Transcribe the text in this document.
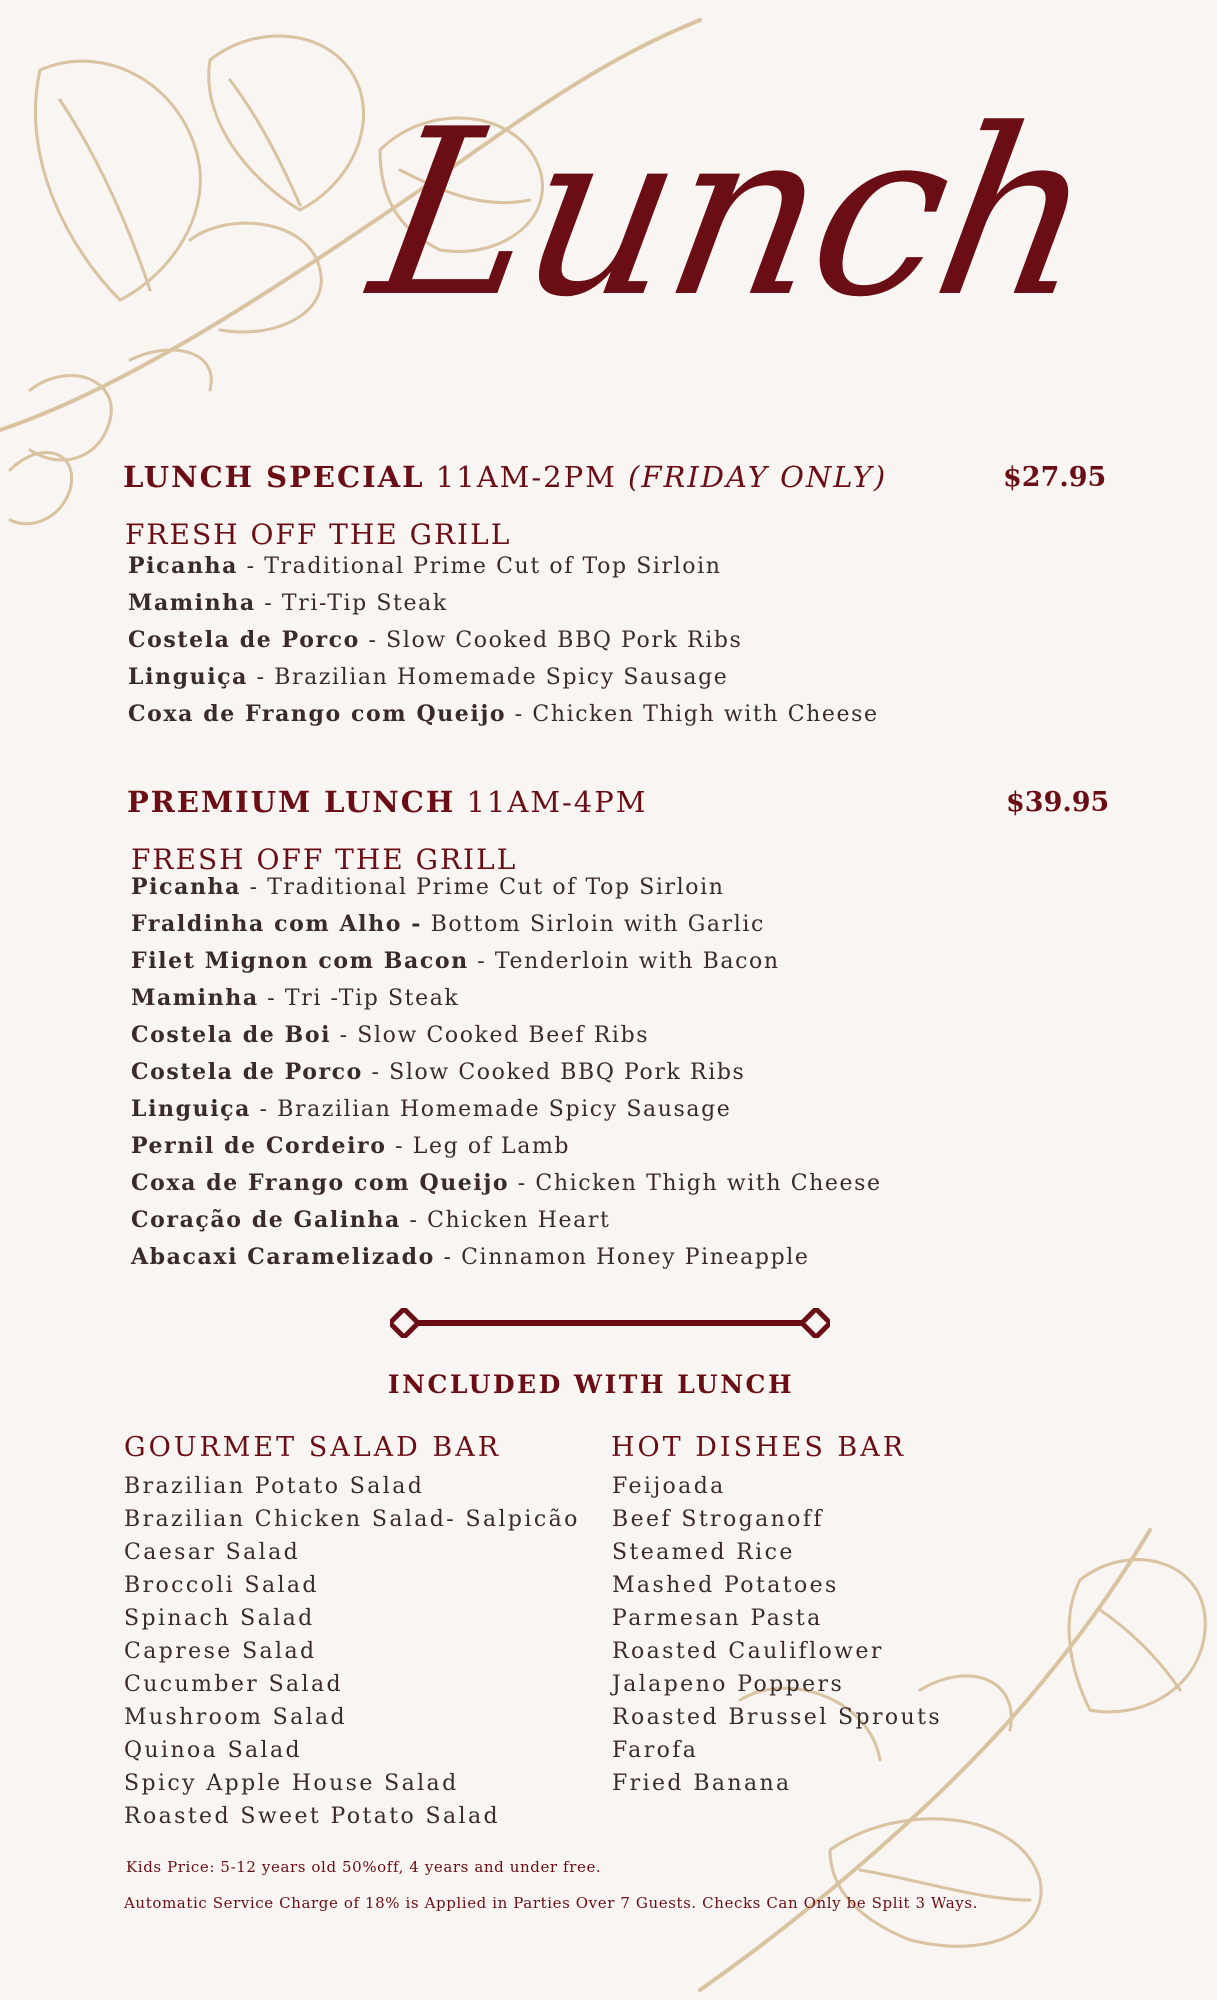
Lunch
LUNCH SPECIAL 11AM-2PM (FRIDAY ONLY)	$27.95
FRESH OFF THE GRILL
Picanha - Traditional Prime Cut of Top Sirloin
Maminha - Tri-Tip Steak
Costela de Porco - Slow Cooked BBQ Pork Ribs
Linguiça - Brazilian Homemade Spicy Sausage
Coxa de Frango com Queijo - Chicken Thigh with Cheese
PREMIUM LUNCH 11AM-4PM	$39.95
FRESH OFF THE GRILL
Picanha - Traditional Prime Cut of Top Sirloin
Fraldinha com Alho - Bottom Sirloin with Garlic
Filet Mignon com Bacon - Tenderloin with Bacon
Maminha - Tri -Tip Steak
Costela de Boi - Slow Cooked Beef Ribs
Costela de Porco - Slow Cooked BBQ Pork Ribs
Linguiça - Brazilian Homemade Spicy Sausage
Pernil de Cordeiro - Leg of Lamb
Coxa de Frango com Queijo - Chicken Thigh with Cheese
Coração de Galinha - Chicken Heart
Abacaxi Caramelizado - Cinnamon Honey Pineapple
INCLUDED WITH LUNCH
GOURMET SALAD BAR
Brazilian Potato Salad
Brazilian Chicken Salad- Salpicão
Caesar Salad
Broccoli Salad
Spinach Salad
Caprese Salad
Cucumber Salad
Mushroom Salad
Quinoa Salad
Spicy Apple House Salad
Roasted Sweet Potato Salad
HOT DISHES BAR
Feijoada
Beef Stroganoff
Steamed Rice
Mashed Potatoes
Parmesan Pasta
Roasted Cauliflower
Jalapeno Poppers
Roasted Brussel Sprouts
Farofa
Fried Banana
Kids Price: 5-12 years old 50%off, 4 years and under free.
Automatic Service Charge of 18% is Applied in Parties Over 7 Guests. Checks Can Only be Split 3 Ways.
